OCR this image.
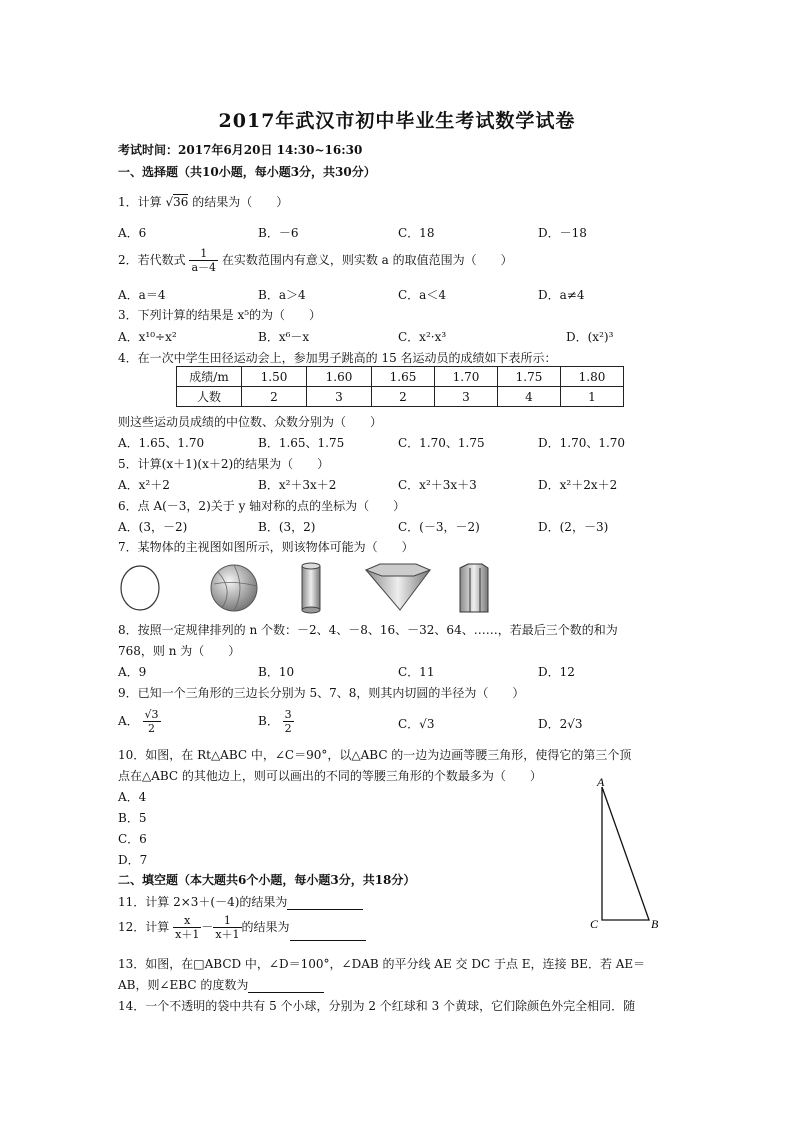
2017年武汉市初中毕业生考试数学试卷
考试时间：2017年6月20日 14:30~16:30
一、选择题（共10小题，每小题3分，共30分）
1．计算 √36 的结果为（　　）
A．6	B．－6	C．18	D．－18
2．若代数式 $\frac{1}{a-4}$ 在实数范围内有意义，则实数 a 的取值范围为（　　）
A．a＝4	B．a＞4	C．a＜4	D．a≠4
3．下列计算的结果是 x⁵的为（　　）
A．x¹⁰÷x²	B．x⁶－x	C．x²·x³	D．(x²)³
4．在一次中学生田径运动会上，参加男子跳高的 15 名运动员的成绩如下表所示：
成绩/m	1.50	1.60	1.65	1.70	1.75	1.80
人数	2	3	2	3	4	1
则这些运动员成绩的中位数、众数分别为（　　）
A．1.65、1.70	B．1.65、1.75	C．1.70、1.75	D．1.70、1.70
5．计算(x＋1)(x＋2)的结果为（　　）
A．x²＋2	B．x²＋3x＋2	C．x²＋3x＋3	D．x²＋2x＋2
6．点 A(－3，2)关于 y 轴对称的点的坐标为（　　）
A．(3，－2)	B．(3，2)	C．(－3，－2)	D．(2，－3)
7．某物体的主视图如图所示，则该物体可能为（　　）
8．按照一定规律排列的 n 个数：－2、4、－8、16、－32、64、……，若最后三个数的和为
768，则 n 为（　　）
A．9	B．10	C．11	D．12
9．已知一个三角形的三边长分别为 5、7、8，则其内切圆的半径为（　　）
A． $\frac{√3}{2}$	B． $\frac{3}{2}$	C．√3	D．2√3
10．如图，在 Rt△ABC 中，∠C＝90°，以△ABC 的一边为边画等腰三角形，使得它的第三个顶
点在△ABC 的其他边上，则可以画出的不同的等腰三角形的个数最多为（　　）
A．4
B．5
C．6
D．7
A
B
C
二、填空题（本大题共6个小题，每小题3分，共18分）
11．计算 2×3＋(－4)的结果为
12．计算 $\frac{x}{x+1} - \frac{1}{x+1}$ 的结果为
13．如图，在□ABCD 中，∠D＝100°，∠DAB 的平分线 AE 交 DC 于点 E，连接 BE．若 AE＝
AB，则∠EBC 的度数为
14．一个不透明的袋中共有 5 个小球，分别为 2 个红球和 3 个黄球，它们除颜色外完全相同．随
